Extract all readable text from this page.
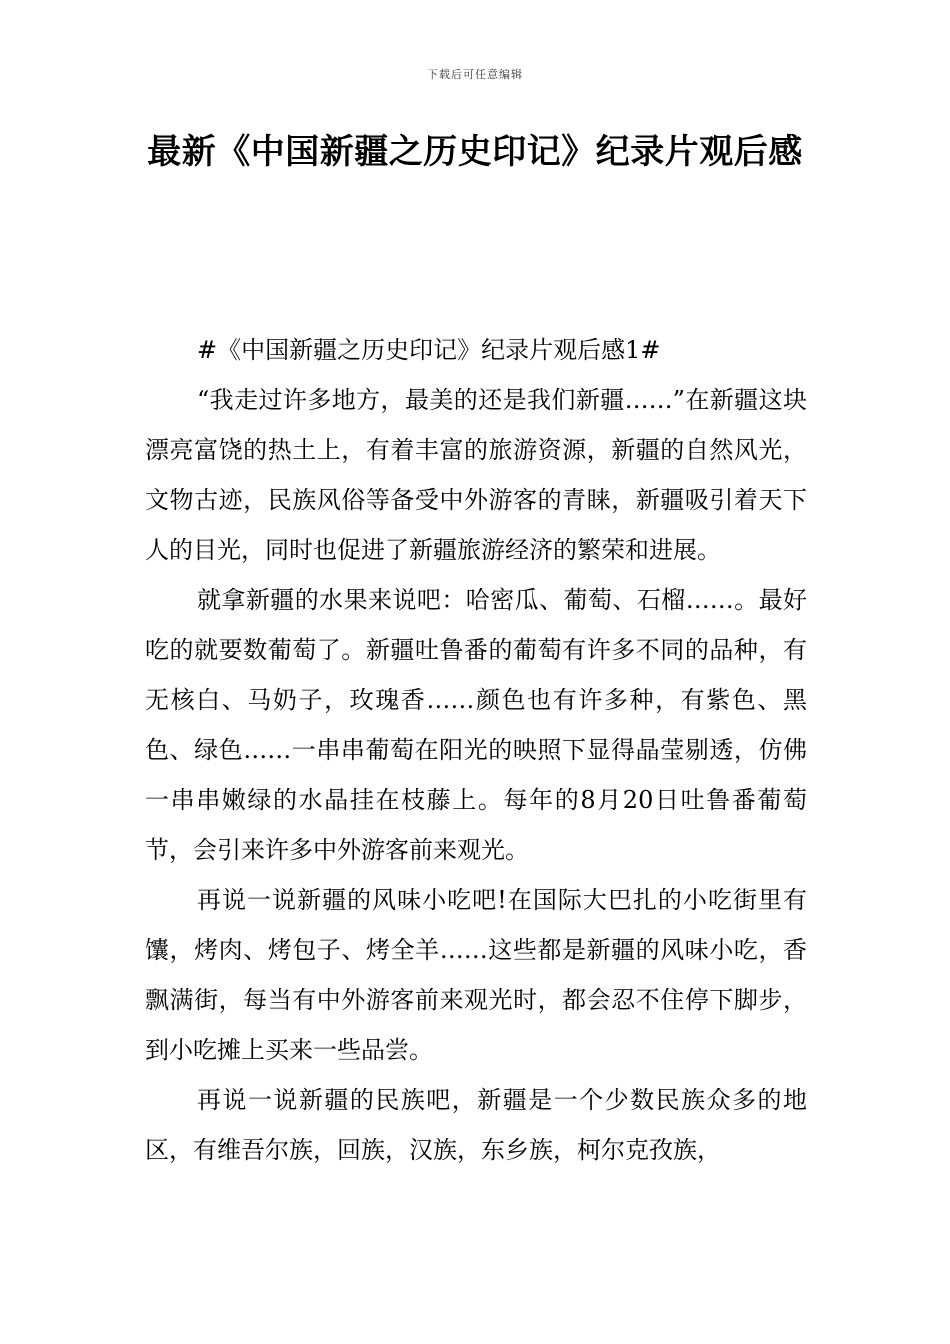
下载后可任意编辑
最新《中国新疆之历史印记》纪录片观后感

#《中国新疆之历史印记》纪录片观后感1#

“我走过许多地方，最美的还是我们新疆……”在新疆这块漂亮富饶的热土上，有着丰富的旅游资源，新疆的自然风光，文物古迹，民族风俗等备受中外游客的青睐，新疆吸引着天下人的目光，同时也促进了新疆旅游经济的繁荣和进展。

就拿新疆的水果来说吧：哈密瓜、葡萄、石榴……。最好吃的就要数葡萄了。新疆吐鲁番的葡萄有许多不同的品种，有无核白、马奶子，玫瑰香……颜色也有许多种，有紫色、黑色、绿色……一串串葡萄在阳光的映照下显得晶莹剔透，仿佛一串串嫩绿的水晶挂在枝藤上。每年的8月20日吐鲁番葡萄节，会引来许多中外游客前来观光。

再说一说新疆的风味小吃吧!在国际大巴扎的小吃街里有馕，烤肉、烤包子、烤全羊……这些都是新疆的风味小吃，香飘满街，每当有中外游客前来观光时，都会忍不住停下脚步，到小吃摊上买来一些品尝。

再说一说新疆的民族吧，新疆是一个少数民族众多的地区，有维吾尔族，回族，汉族，东乡族，柯尔克孜族，
